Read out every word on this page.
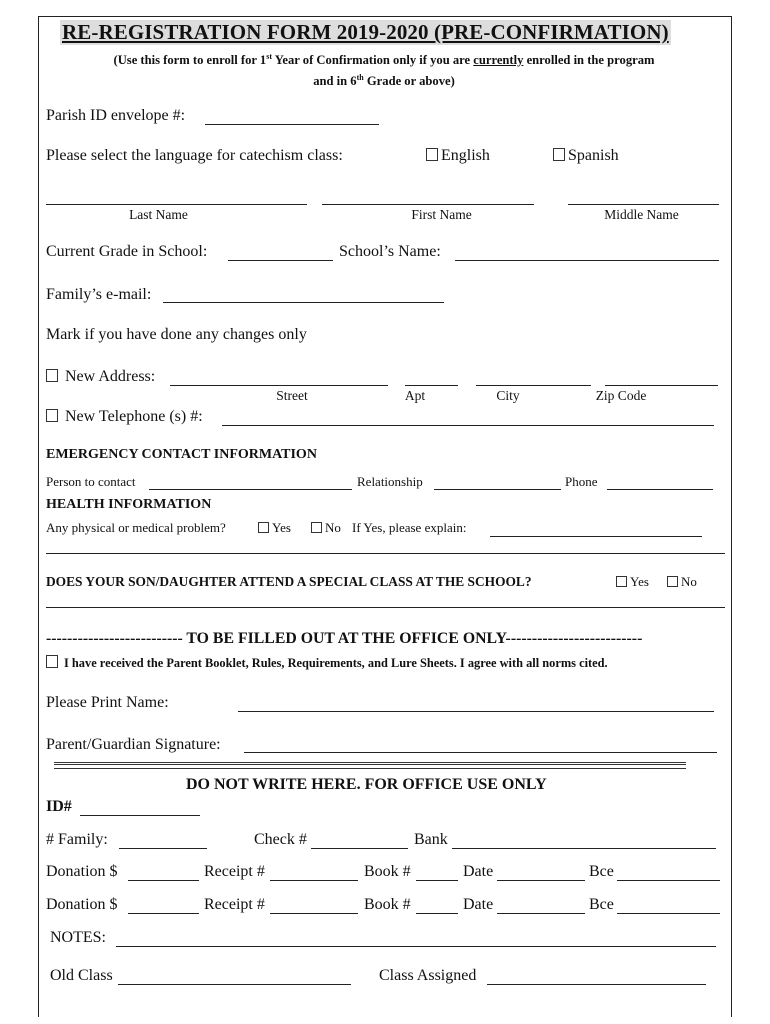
RE-REGISTRATION FORM 2019-2020 (PRE-CONFIRMATION)
(Use this form to enroll for 1st Year of Confirmation only if you are currently enrolled in the program
and in 6th Grade or above)
Parish ID envelope #:
Please select the language for catechism class:	English	Spanish
Last Name	First Name	Middle Name
Current Grade in School:	School’s Name:
Family’s e-mail:
Mark if you have done any changes only
New Address:
Street	Apt	City	Zip Code
New Telephone (s) #:
EMERGENCY CONTACT INFORMATION
Person to contact	Relationship	Phone
HEALTH INFORMATION
Any physical or medical problem?	Yes	No If Yes, please explain:
DOES YOUR SON/DAUGHTER ATTEND A SPECIAL CLASS AT THE SCHOOL?	Yes	No
-------------------------- TO BE FILLED OUT AT THE OFFICE ONLY--------------------------
I have received the Parent Booklet, Rules, Requirements, and Lure Sheets. I agree with all norms cited.
Please Print Name:
Parent/Guardian Signature:
DO NOT WRITE HERE. FOR OFFICE USE ONLY
ID#
# Family:	Check #	Bank
Donation $	Receipt #	Book #	Date	Bce
Donation $	Receipt #	Book #	Date	Bce
NOTES:
Old Class	Class Assigned
